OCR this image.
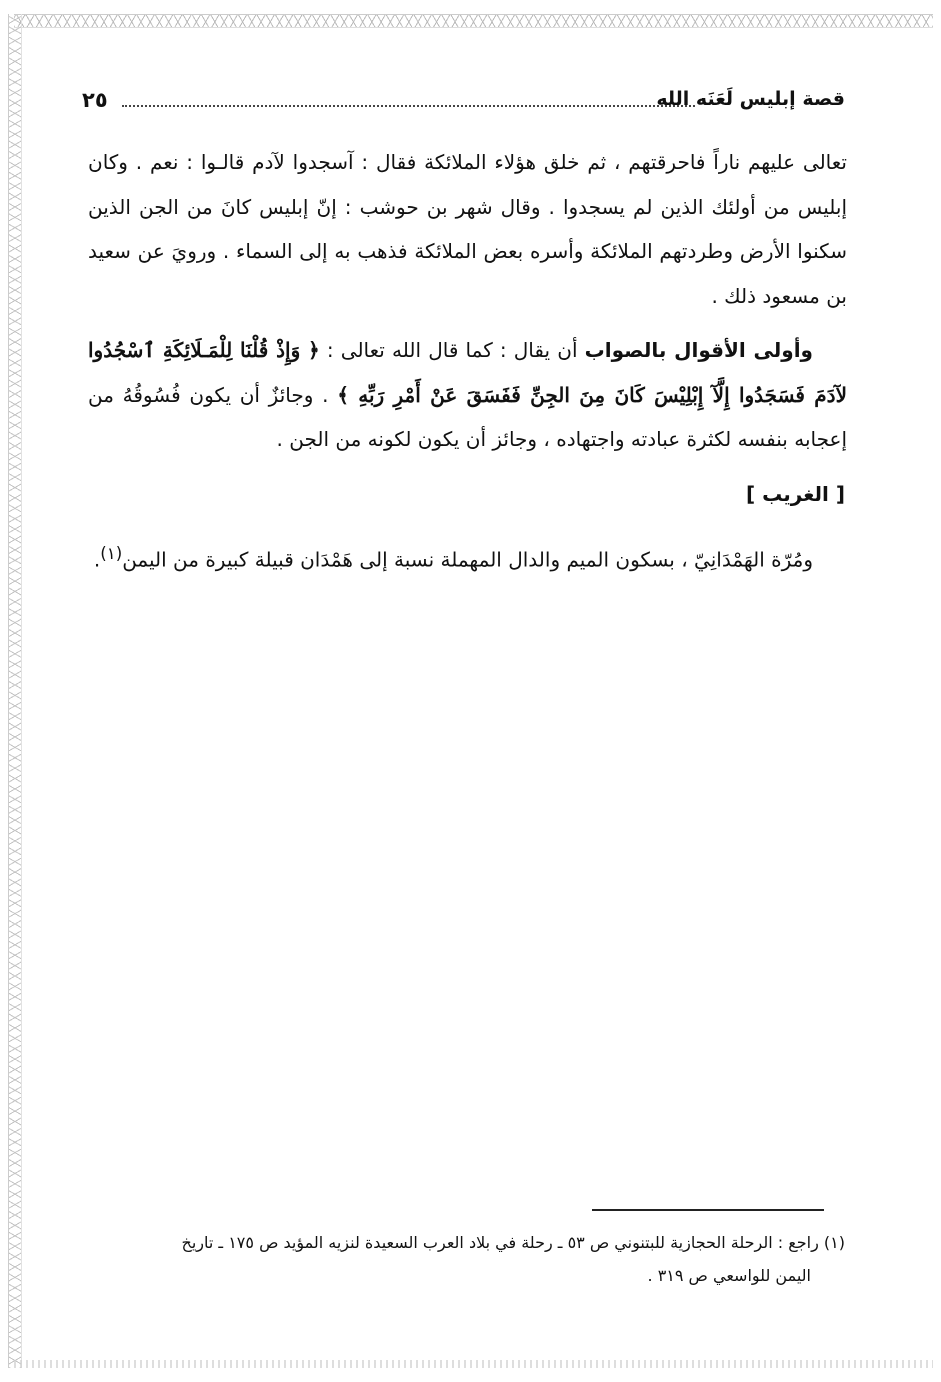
قصة إبليس لَعَنَه الله
٢٥

تعالى عليهم ناراً فاحرقتهم ، ثم خلق هؤلاء الملائكة فقال : آسجدوا لآدم قالـوا : نعم . وكان إبليس من أولئك الذين لم يسجدوا . وقال شهر بن حوشب : إنّ إبليس كانَ من الجن الذين سكنوا الأرض وطردتهم الملائكة وأسره بعض الملائكة فذهب به إلى السماء . ورويَ عن سعيد بن مسعود ذلك .

وأولى الأقوال بالصواب أن يقال : كما قال الله تعالى : ﴿ وَإِذْ قُلْنَا لِلْمَـلَائِكَةِ ٱسْجُدُوا لآدَمَ فَسَجَدُوا إِلَّآ إِبْلِيْسَ كَانَ مِنَ الجِنِّ فَفَسَقَ عَنْ أَمْرِ رَبِّهِ ﴾ . وجائزٌ أن يكون فُسُوقُهُ من إعجابه بنفسه لكثرة عبادته واجتهاده ، وجائز أن يكون لكونه من الجن .

[ الغريب ]

ومُرّة الهَمْدَانِيّ ، بسكون الميم والدال المهملة نسبة إلى هَمْدَان قبيلة كبيرة من اليمن$^{(١)}$.

(١) راجع : الرحلة الحجازية للبتنوني ص ٥٣ ـ رحلة في بلاد العرب السعيدة لنزيه المؤيد ص ١٧٥ ـ تاريخ

اليمن للواسعي ص ٣١٩ .
